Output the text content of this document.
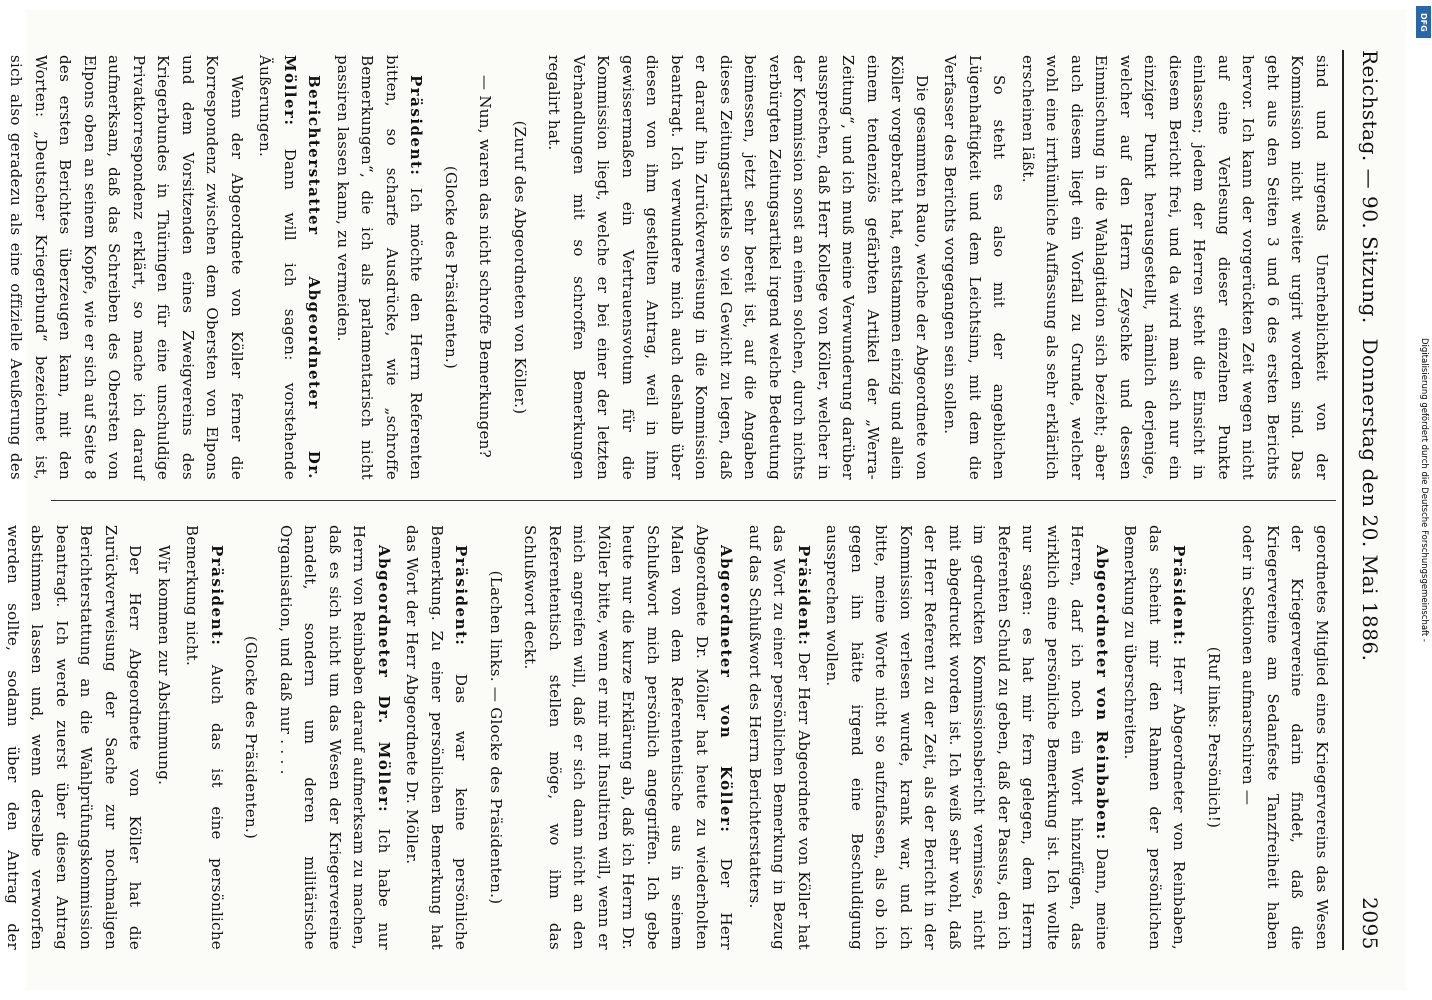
Reichstag. — 90. Sitzung.
Donnerstag den 20. Mai 1886.
2095

sind und nirgends Unerheblichkeit von der Kommission nicht weiter urgirt worden sind. Das geht aus den Seiten 3 und 6 des ersten Berichts hervor. Ich kann der vorgerückten Zeit wegen nicht auf eine Verlesung dieser einzelnen Punkte einlassen; jedem der Herren steht die Einsicht in diesem Bericht frei, und da wird man sich nur ein einziger Punkt herausgestellt, nämlich derjenige, welcher auf den Herrn Zeyschke und dessen Einmischung in die Wahlagitation sich bezieht; aber auch diesem liegt ein Vorfall zu Grunde, welcher wohl eine irrthümliche Auffassung als sehr erklärlich erscheinen läßt.

So steht es also mit der angeblichen Lügenhaftigkeit und dem Leichtsinn, mit dem die Verfasser des Berichts vorgegangen sein sollen.

Die gesammten Rauo, welche der Abgeordnete von Köller vorgebracht hat, entstammen einzig und allein einem tendenziös gefärbten Artikel der „Werra-Zeitung“, und ich muß meine Verwunderung darüber aussprechen, daß Herr Kollege von Köller, welcher in der Kommission sonst an einen solchen, durch nichts verbürgten Zeitungsartikel irgend welche Bedeutung beimessen, jetzt sehr bereit ist, auf die Angaben dieses Zeitungsartikels so viel Gewicht zu legen, daß er darauf hin Zurückverweisung in die Kommission beantragt. Ich verwundere mich auch deshalb über diesen von ihm gestellten Antrag, weil in ihm gewissermaßen ein Vertrauensvotum für die Kommission liegt, welche er bei einer der letzten Verhandlungen mit so schroffen Bemerkungen regalirt hat.

(Zuruf des Abgeordneten von Köller.)

— Nun, waren das nicht schroffe Bemerkungen?

(Glocke des Präsidenten.)

Präsident: Ich möchte den Herrn Referenten bitten, so scharfe Ausdrücke, wie „schroffe Bemerkungen“, die ich als parlamentarisch nicht passiren lassen kann, zu vermeiden.

Berichterstatter Abgeordneter Dr. Möller: Dann will ich sagen: vorstehende Äußerungen.

Wenn der Abgeordnete von Köller ferner die Korrespondenz zwischen dem Obersten von Elpons und dem Vorsitzenden eines Zweigvereins des Kriegerbundes in Thüringen für eine unschuldige Privatkorrespondenz erklärt, so mache ich darauf aufmerksam, daß das Schreiben des Obersten von Elpons oben an seinem Kopfe, wie er sich auf Seite 8 des ersten Berichtes überzeugen kann, mit den Worten: „Deutscher Kriegerbund“ bezeichnet ist, sich also geradezu als eine offizielle Aeußerung des

geordnetes Mitglied eines Kriegervereins das Wesen der Kriegervereine darin findet, daß die Kriegervereine am Sedanfeste Tanzfreiheit haben oder in Sektionen aufmarschiren —

(Ruf links: Persönlich!)

Präsident: Herr Abgeordneter von Reinbaben, das scheint mir den Rahmen der persönlichen Bemerkung zu überschreiten.

Abgeordneter von Reinbaben: Dann, meine Herren, darf ich noch ein Wort hinzufügen, das wirklich eine persönliche Bemerkung ist. Ich wollte nur sagen: es hat mir fern gelegen, dem Herrn Referenten Schuld zu geben, daß der Passus, den ich im gedruckten Kommissionsbericht vermisse, nicht mit abgedruckt worden ist. Ich weiß sehr wohl, daß der Herr Referent zu der Zeit, als der Bericht in der Kommission verlesen wurde, krank war, und ich bitte, meine Worte nicht so aufzufassen, als ob ich gegen ihn hätte irgend eine Beschuldigung aussprechen wollen.

Präsident: Der Herr Abgeordnete von Köller hat das Wort zu einer persönlichen Bemerkung in Bezug auf das Schlußwort des Herrn Berichterstatters.

Abgeordneter von Köller: Der Herr Abgeordnete Dr. Möller hat heute zu wiederholten Malen von dem Referententische aus in seinem Schlußwort mich persönlich angegriffen. Ich gebe heute nur die kurze Erklärung ab, daß ich Herrn Dr. Möller bitte, wenn er mir mit Insultiren will, wenn er mich angreifen will, daß er sich dann nicht an den Referententisch stellen möge, wo ihm das Schlußwort deckt.

(Lachen links. — Glocke des Präsidenten.)

Präsident: Das war keine persönliche Bemerkung. Zu einer persönlichen Bemerkung hat das Wort der Herr Abgeordnete Dr. Möller.

Abgeordneter Dr. Möller: Ich habe nur Herrn von Reinbaben darauf aufmerksam zu machen, daß es sich nicht um das Wesen der Kriegervereine handelt, sondern um deren militärische Organisation, und daß nur . . . .

(Glocke des Präsidenten.)

Präsident: Auch das ist eine persönliche Bemerkung nicht.

Wir kommen zur Abstimmung.

Der Herr Abgeordnete von Köller hat die Zurückverweisung der Sache zur nochmaligen Berichterstattung an die Wahlprüfungskommission beantragt. Ich werde zuerst über diesen Antrag abstimmen lassen und, wenn derselbe verworfen werden sollte, sodann über den Antrag der

Digitalisierung gefördert durch die Deutsche Forschungsgemeinschaft -
DFG
